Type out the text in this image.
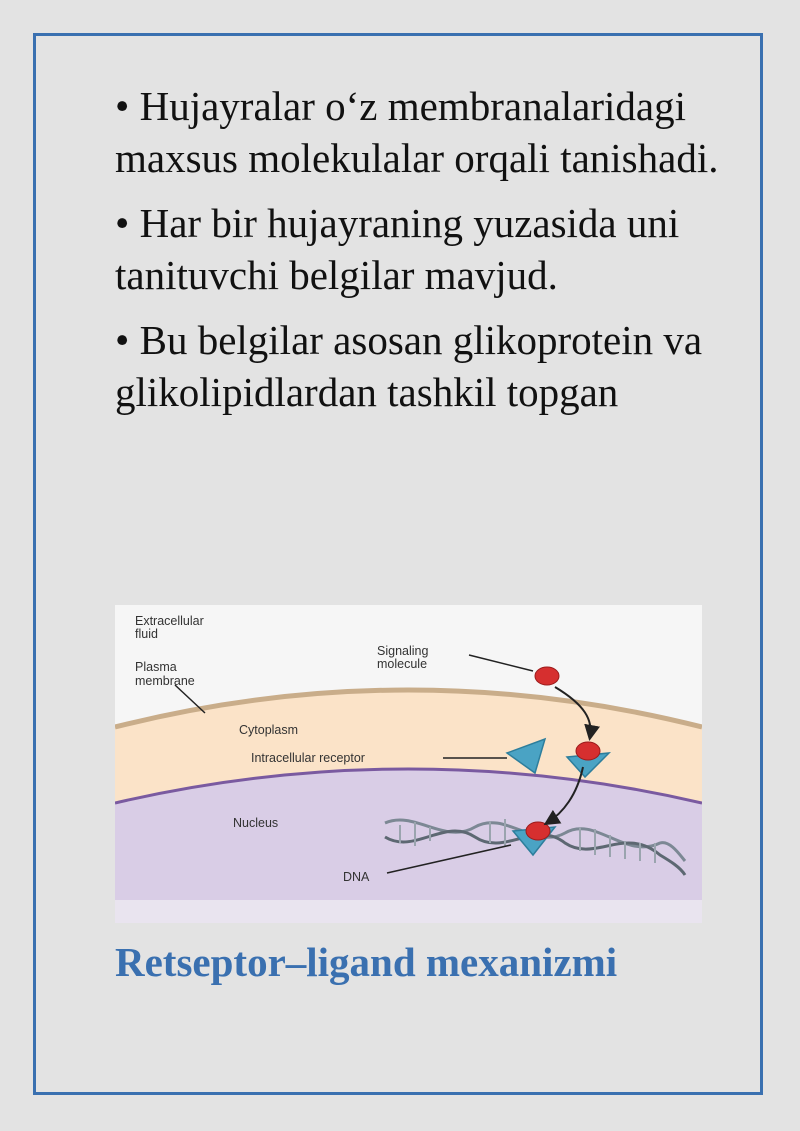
• Hujayralar o‘z membranalaridagi maxsus molekulalar orqali tanishadi.

• Har bir hujayraning yuzasida uni tanituvchi belgilar mavjud.

• Bu belgilar asosan glikoprotein va glikolipidlardan tashkil topgan

Extracellular
fluid
Plasma
membrane
Signaling
molecule
Cytoplasm
Intracellular receptor
Nucleus
DNA
Retseptor–ligand mexanizmi
